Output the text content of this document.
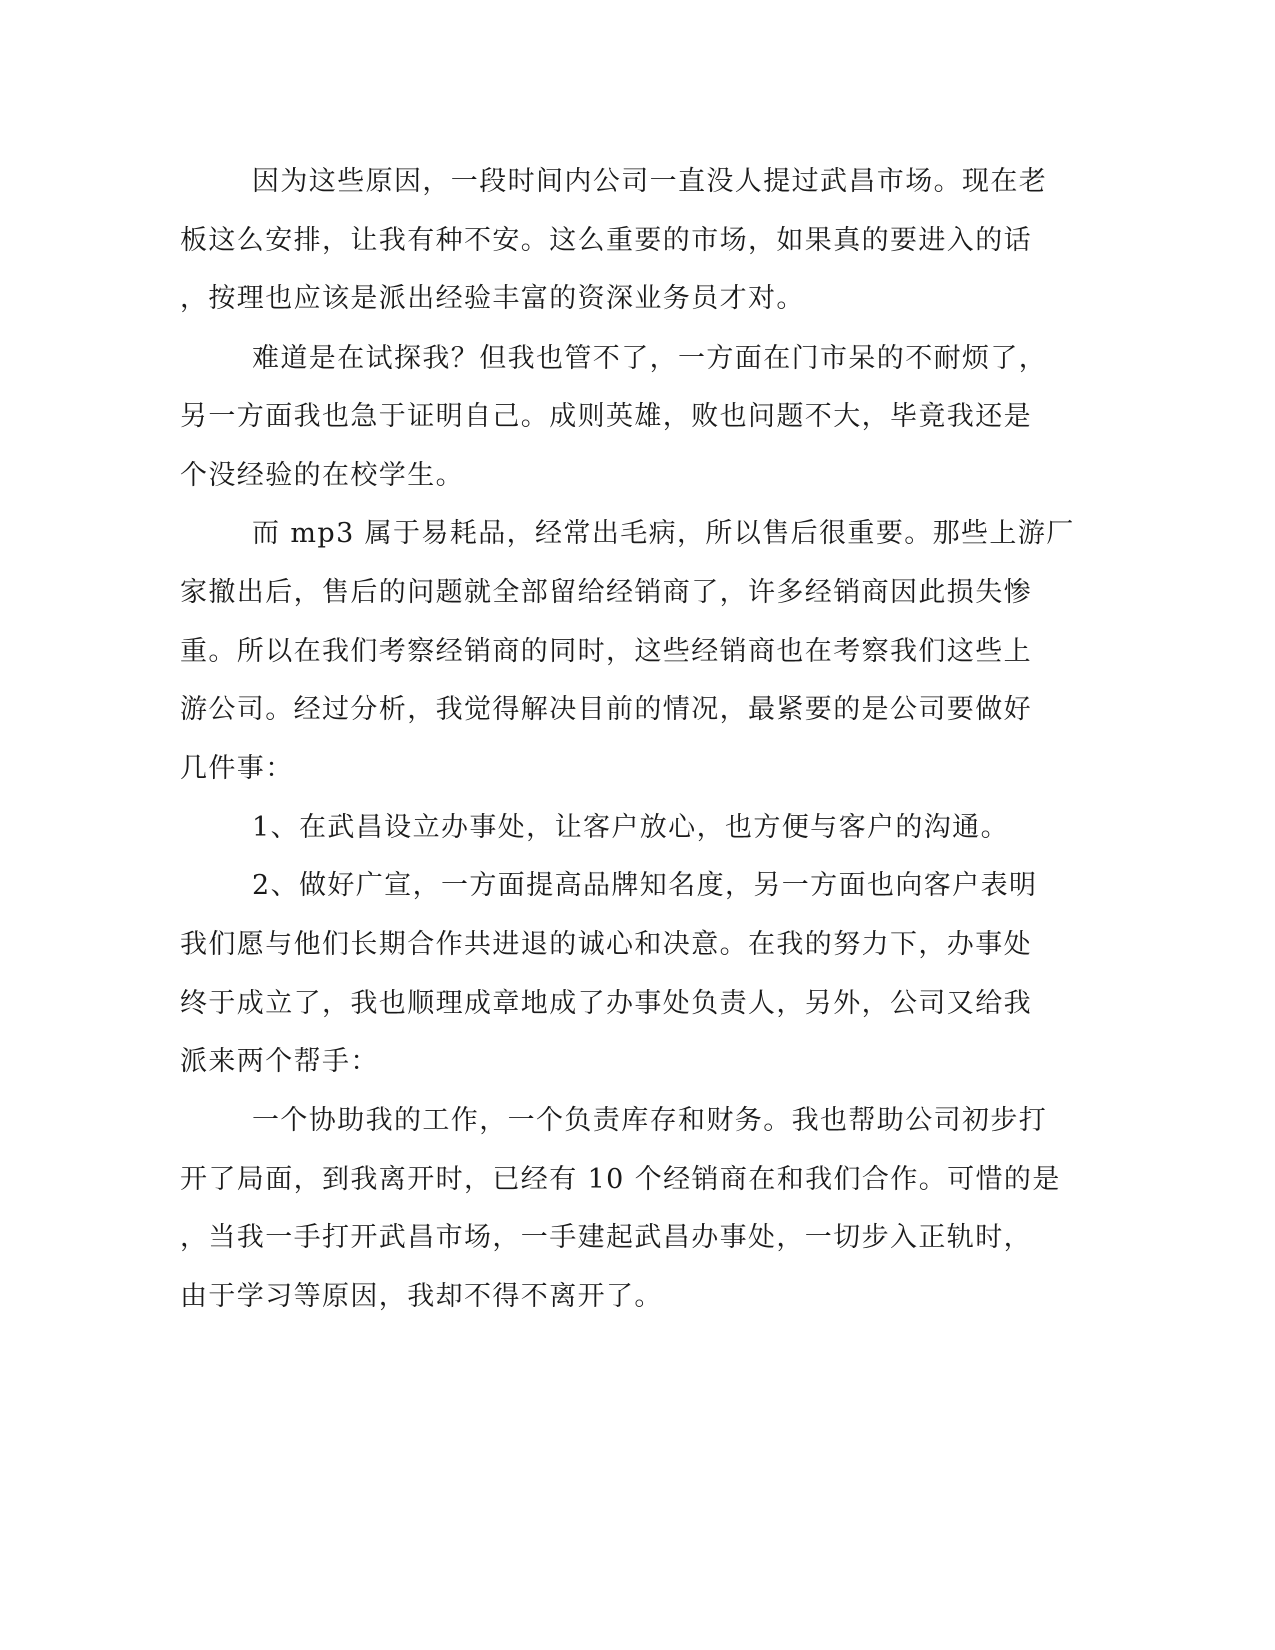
因为这些原因，一段时间内公司一直没人提过武昌市场。现在老
板这么安排，让我有种不安。这么重要的市场，如果真的要进入的话
，按理也应该是派出经验丰富的资深业务员才对。
难道是在试探我？但我也管不了，一方面在门市呆的不耐烦了，
另一方面我也急于证明自己。成则英雄，败也问题不大，毕竟我还是
个没经验的在校学生。
而 mp3 属于易耗品，经常出毛病，所以售后很重要。那些上游厂
家撤出后，售后的问题就全部留给经销商了，许多经销商因此损失惨
重。所以在我们考察经销商的同时，这些经销商也在考察我们这些上
游公司。经过分析，我觉得解决目前的情况，最紧要的是公司要做好
几件事：
1、在武昌设立办事处，让客户放心，也方便与客户的沟通。
2、做好广宣，一方面提高品牌知名度，另一方面也向客户表明
我们愿与他们长期合作共进退的诚心和决意。在我的努力下，办事处
终于成立了，我也顺理成章地成了办事处负责人，另外，公司又给我
派来两个帮手：
一个协助我的工作，一个负责库存和财务。我也帮助公司初步打
开了局面，到我离开时，已经有 10 个经销商在和我们合作。可惜的是
，当我一手打开武昌市场，一手建起武昌办事处，一切步入正轨时，
由于学习等原因，我却不得不离开了。
